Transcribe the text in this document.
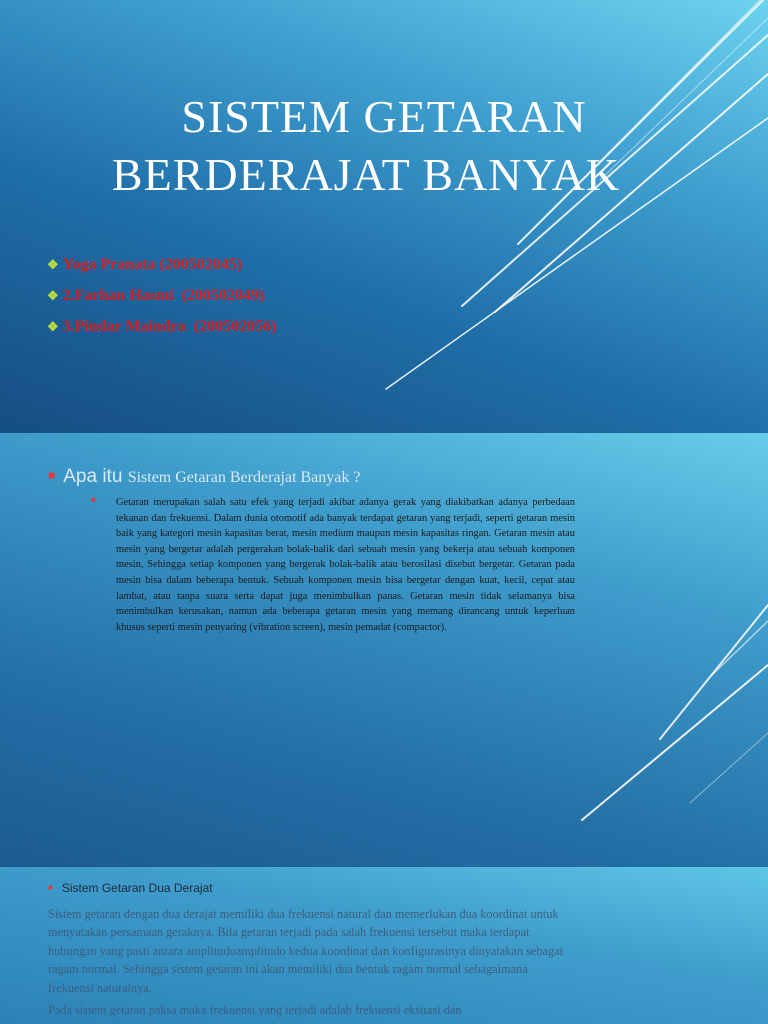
SISTEM GETARAN
BERDERAJAT BANYAK
❖ Yoga Pranata (200502045)
❖ 2.Farhan Hasmi  (200502049)
❖ 3.Pindar Maindra  (200502056)
■ Apa itu Sistem Getaran Berderajat Banyak ?
■ Getaran merupakan salah satu efek yang terjadi akibat adanya gerak yang diakibatkan adanya perbedaan tekanan dan frekuensi. Dalam dunia otomotif ada banyak terdapat getaran yang terjadi, seperti getaran mesin baik yang kategori mesin kapasitas berat, mesin medium maupun mesin kapasitas ringan. Getaran mesin atau mesin yang bergetar adalah pergerakan bolak-balik dari sebuah mesin yang bekerja atau sebuah komponen mesin, Sehingga setiap komponen yang bergerak bolak-balik atau berosilasi disebut bergetar. Getaran pada mesin bisa dalam beberapa bentuk. Sebuah komponen mesin bisa bergetar dengan kuat, kecil, cepat atau lambat, atau tanpa suara serta dapat juga menimbulkan panas. Getaran mesin tidak selamanya bisa menimbulkan kerusakan, namun ada beberapa getaran mesin yang memang dirancang untuk keperluan khusus seperti mesin penyaring (vibration screen), mesin pemadat (compactor).

■ Sistem Getaran Dua Derajat

Sistem getaran dengan dua derajat memiliki dua frekuensi natural dan memerlukan dua koordinat untuk menyatakan persamaan geraknya. Bila getaran terjadi pada salah frekuensi tersebut maka terdapat hubungan yang pasti antara amplitudoamplitudo kedua koordinat dan konfigurasinya dinyatakan sebagai ragam normal. Sehingga sistem getaran ini akan memiliki dua bentuk ragam normal sebagaimana frekuensi naturalnya.

Pada sistem getaran paksa maka frekuensi yang terjadi adalah frekuensi eksitasi dan
